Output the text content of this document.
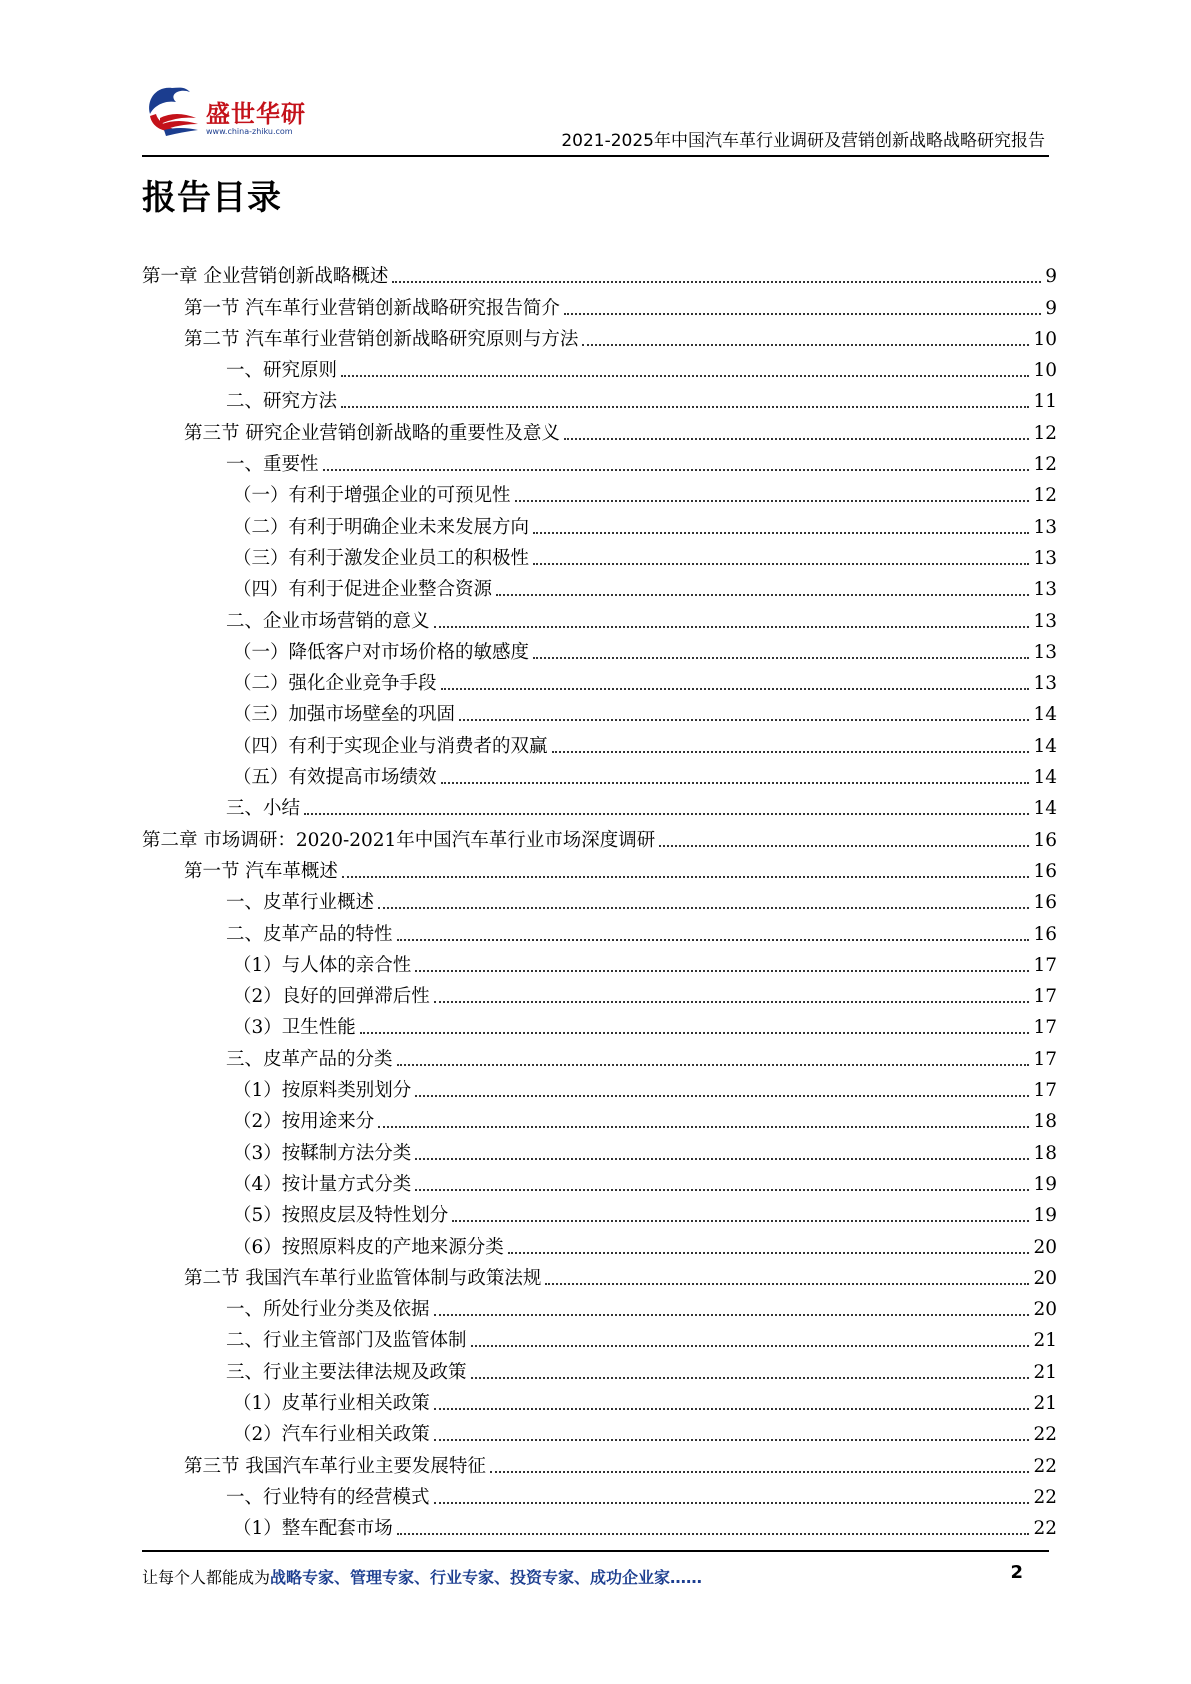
盛世华研
www.china-zhiku.com	2021-2025年中国汽车革行业调研及营销创新战略战略研究报告
报告目录
第一章 企业营销创新战略概述	9
第一节 汽车革行业营销创新战略研究报告简介	9
第二节 汽车革行业营销创新战略研究原则与方法	10
一、研究原则	10
二、研究方法	11
第三节 研究企业营销创新战略的重要性及意义	12
一、重要性	12
（一）有利于增强企业的可预见性	12
（二）有利于明确企业未来发展方向	13
（三）有利于激发企业员工的积极性	13
（四）有利于促进企业整合资源	13
二、企业市场营销的意义	13
（一）降低客户对市场价格的敏感度	13
（二）强化企业竞争手段	13
（三）加强市场壁垒的巩固	14
（四）有利于实现企业与消费者的双赢	14
（五）有效提高市场绩效	14
三、小结	14
第二章 市场调研：2020-2021年中国汽车革行业市场深度调研	16
第一节 汽车革概述	16
一、皮革行业概述	16
二、皮革产品的特性	16
（1）与人体的亲合性	17
（2）良好的回弹滞后性	17
（3）卫生性能	17
三、皮革产品的分类	17
（1）按原料类别划分	17
（2）按用途来分	18
（3）按鞣制方法分类	18
（4）按计量方式分类	19
（5）按照皮层及特性划分	19
（6）按照原料皮的产地来源分类	20
第二节 我国汽车革行业监管体制与政策法规	20
一、所处行业分类及依据	20
二、行业主管部门及监管体制	21
三、行业主要法律法规及政策	21
（1）皮革行业相关政策	21
（2）汽车行业相关政策	22
第三节 我国汽车革行业主要发展特征	22
一、行业特有的经营模式	22
（1）整车配套市场	22
让每个人都能成为战略专家、管理专家、行业专家、投资专家、成功企业家……	2
